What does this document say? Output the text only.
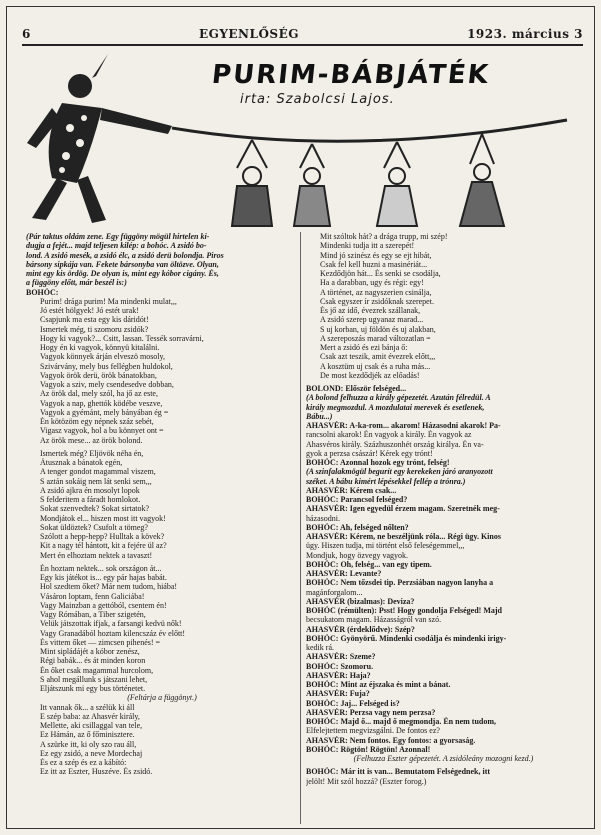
6	EGYENLŐSÉG	1923. március 3
PURIM-BÁBJÁTÉK
irta: Szabolcsi Lajos.
(Pár taktus oldám zene. Egy függöny mögül hirtelen ki-
dugja a fejét... majd teljesen kilép: a bohóc. A zsidó bo-
lond. A zsidó mesék, a zsidó élc, a zsidó derü bolondja. Piros
bársony sipkája van. Fekete bársonyba van öltözve. Olyan,
mint egy kis ördög. De olyan is, mint egy kóbor cigány. És,
a függöny előtt, már beszél is:)
BOHÓC:
Purim! drága purim! Ma mindenki mulat,,,
Jó estét hölgyek! Jó estét urak!
Csapjunk ma esta egy kis dáridót!
Ismertek még, ti szomoru zsidók?
Hogy ki vagyok?... Csitt, lassan. Tessék sorravárni,
Hogy én ki vagyok, könnyü kitalálni.
Vagyok könnyek árján elveszö mosoly,
Szivárvány, mely bus fellégben huldokol,
Vagyok örök derü, örök bánatokban,
Vagyok a sziv, mely csendesedve dobban,
Az örök dal, mely szól, ha jő az este,
Vagyok a nap, ghettók ködébe veszve,
Vagyok a gyémánt, mely bányában ég =
Én kötözöm egy népnek száz sebét,
Vigasz vagyok, hol a bu könnyet ont =
Az örök mese... az örök bolond.
Ismertek még? Eljövök néha én,
Átusznak a bánatok egén,
A tenger gondot magammal viszem,
S aztán sokáig nem lát senki sem,,,
A zsidó ajkra én mosolyt lopok
S felderitem a fáradt homlokot.
Sokat szenvedtek? Sokat sirtatok?
Mondjátok el... hiszen most itt vagyok!
Sokat üldöztek? Csufolt a tömeg?
Szólott a hepp-hepp? Hulltak a kövek?
Kit a nagy tél hántott, kit a fejére ül az?
Mert én elhoztam nektek a tavaszt!
Én hoztam nektek... sok országon át...
Egy kis játékot is... egy pár hajas babát.
Hol szedtem őket? Már nem tudom, hiába!
Vásáron loptam, fenn Galiciába!
Vagy Mainzban a gettóból, csentem én!
Vagy Rómában, a Tiber szigetén,
Velük játszottak ifjak, a farsangi kedvü nők!
Vagy Granadából hoztam kilencszáz év előtt!
És vittem őket — zimcsen pihenés! =
Mint sipládájét a kóbor zenész,
Régi babák... és át minden koron
Én őket csak magammal hurcolom,
S ahol megállunk s játszani lehet,
Eljátszunk mi egy bus történetet.
(Feltárja a függönyt.)
Itt vannak ők... a szélük ki áll
E szép baba: az Ahasvér király,
Mellette, aki csillaggal van tele,
Ez Hámán, az ő főminisztere.
A szürke itt, ki oly szo rau áll,
Ez egy zsidó, a neve Mordechaj
És ez a szép és ez a kábító:
Ez itt az Eszter, Huszéve. És zsidó.
Mit szóltok hát? a drága trupp, mi szép!
Mindenki tudja itt a szerepét!
Mind jó szinész és egy se ejt hibát,
Csak fel kell huzni a masinériát...
Kezdődjön hát... És senki se csodálja,
Ha a darabban, ugy és régi: egy!
A történet, az nagyszerien csinálja,
Csak egyszer ír zsidóknak szerepet.
És jő az idő, évezrek szállanak,
A zsidó szerep ugyanaz marad...
S uj korban, uj földön és uj alakban,
A szereposzás marad változatlan =
Mert a zsidó és ezi bánja ő:
Csak azt teszik, amit évezrek előtt,,,
A kosztüm uj csak és a ruha más...
De most kezdődjék az előadás!
BOLOND: Először felséged...
(A bolond felhuzza a király gépezetét. Azután félredül. A
király megmozdul. A mozdulatai merevek és esetlenek,
Bábu...)
AHASVÉR: A-ka-rom... akarom! Házasodni akarok! Pa-
rancsolni akarok! Én vagyok a király. Én vagyok az
Ahasvéros király. Százhuszonhét ország királya. Én va-
gyok a perzsa császár! Kérek egy trónt!
BOHÓC: Azonnal hozok egy trónt, felség!
(A szinfalakmögül begurít egy kerekeken járó aranyozott
széket. A bábu kimért lépésekkel fellép a trónra.)
AHASVÉR: Kérem csak...
BOHÓC: Parancsol felséged?
AHASVÉR: Igen egyedül érzem magam. Szeretnék meg-
házasodni.
BOHÓC: Ah, felséged nőlten?
AHASVÉR: Kérem, ne beszéljünk róla... Régi ügy. Kinos
ügy. Hiszen tudja, mi történt első feleségemmel,,,
Mondjuk, hogy özvegy vagyok.
BOHÓC: Oh, felség... van egy tipem.
AHASVÉR: Levante?
BOHÓC: Nem tőzsdei tip. Perzsiában nagyon lanyha a
magánforgalom...
AHASVÉR (bizalmas): Deviza?
BOHÓC (rémülten): Psst! Hogy gondolja Felséged! Majd
becsukatom magam. Házasságról van szó.
AHASVÉR (érdeklődve): Szép?
BOHÓC: Gyönyörű. Mindenki csodálja és mindenki irigy-
kedik rá.
AHASVÉR: Szeme?
BOHÓC: Szomoru.
AHASVÉR: Haja?
BOHÓC: Mint az éjszaka és mint a bánat.
AHASVÉR: Fuja?
BOHÓC: Jaj... Felséged is?
AHASVÉR: Perzsa vagy nem perzsa?
BOHÓC: Majd ő... majd ő megmondja. Én nem tudom,
Elfelejtettem megvizsgálni. De fontos ez?
AHASVÉR: Nem fontos. Egy fontos: a gyorsaság.
BOHÓC: Rögtön! Rögtön! Azonnal!
(Felhuzza Eszter gépezetét. A zsidóleány mozogni kezd.)
BOHÓC: Már itt is van... Bemutatom Felségednek, itt
jelölt! Mit szól hozzá? (Eszter forog.)
